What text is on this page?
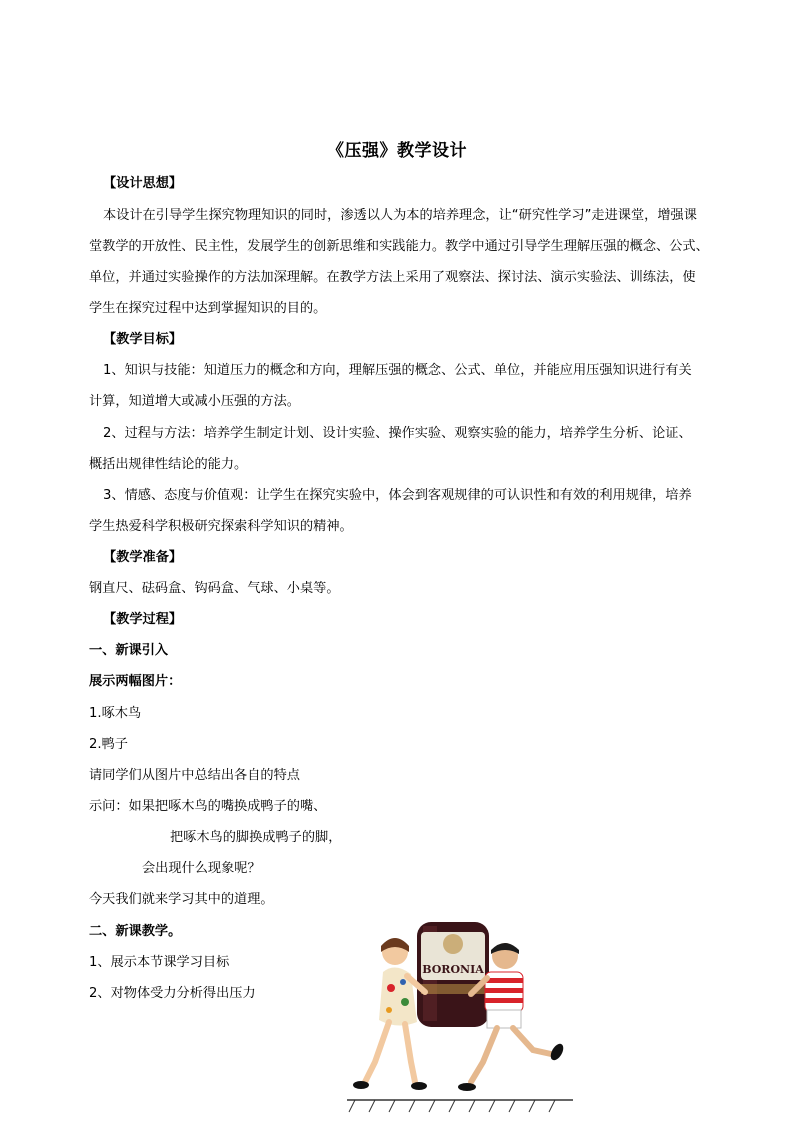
《压强》教学设计
【设计思想】
本设计在引导学生探究物理知识的同时，渗透以人为本的培养理念，让“研究性学习”走进课堂，增强课
堂教学的开放性、民主性，发展学生的创新思维和实践能力。教学中通过引导学生理解压强的概念、公式、
单位，并通过实验操作的方法加深理解。在教学方法上采用了观察法、探讨法、演示实验法、训练法，使
学生在探究过程中达到掌握知识的目的。
【教学目标】
1、知识与技能：知道压力的概念和方向，理解压强的概念、公式、单位，并能应用压强知识进行有关
计算，知道增大或减小压强的方法。
2、过程与方法：培养学生制定计划、设计实验、操作实验、观察实验的能力，培养学生分析、论证、
概括出规律性结论的能力。
3、情感、态度与价值观：让学生在探究实验中，体会到客观规律的可认识性和有效的利用规律，培养
学生热爱科学积极研究探索科学知识的精神。
【教学准备】
钢直尺、砝码盒、钩码盒、气球、小桌等。
【教学过程】
一、新课引入
展示两幅图片：
1.啄木鸟
2.鸭子
请同学们从图片中总结出各自的特点
示问：如果把啄木鸟的嘴换成鸭子的嘴、
把啄木鸟的脚换成鸭子的脚，
会出现什么现象呢？
今天我们就来学习其中的道理。
二、新课教学。
1、展示本节课学习目标
2、对物体受力分析得出压力
BORONIA
